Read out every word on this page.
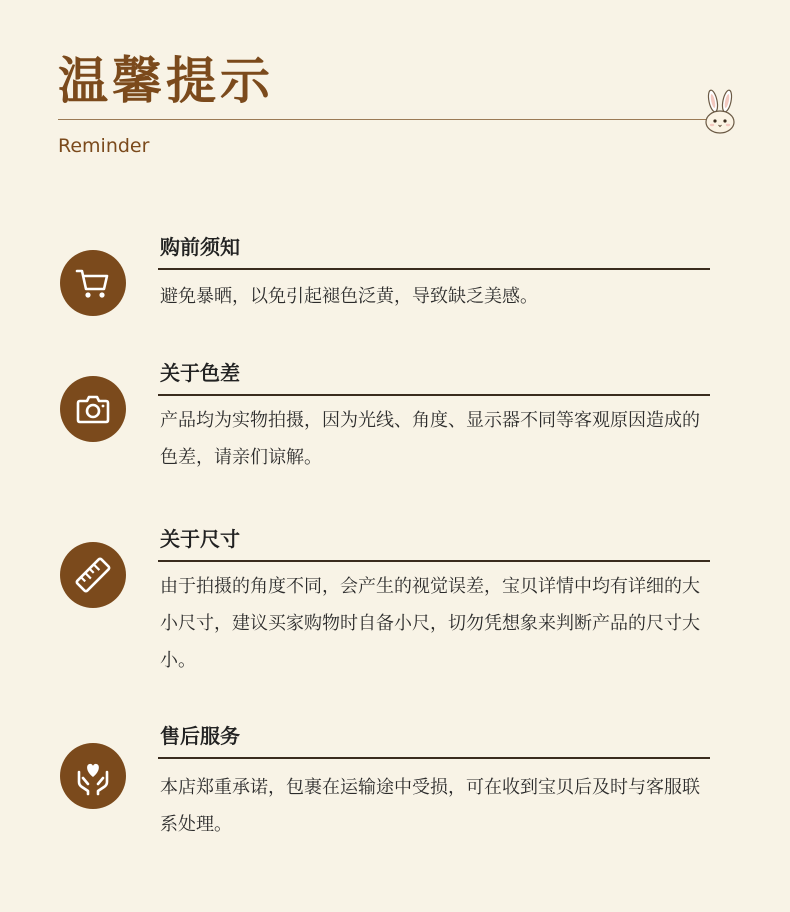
温馨提示
Reminder
购前须知
避免暴晒，以免引起褪色泛黄，导致缺乏美感。
关于色差
产品均为实物拍摄，因为光线、角度、显示器不同等客观原因造成的色差，请亲们谅解。
关于尺寸
由于拍摄的角度不同，会产生的视觉误差，宝贝详情中均有详细的大小尺寸，建议买家购物时自备小尺，切勿凭想象来判断产品的尺寸大小。
售后服务
本店郑重承诺，包裹在运输途中受损，可在收到宝贝后及时与客服联系处理。
